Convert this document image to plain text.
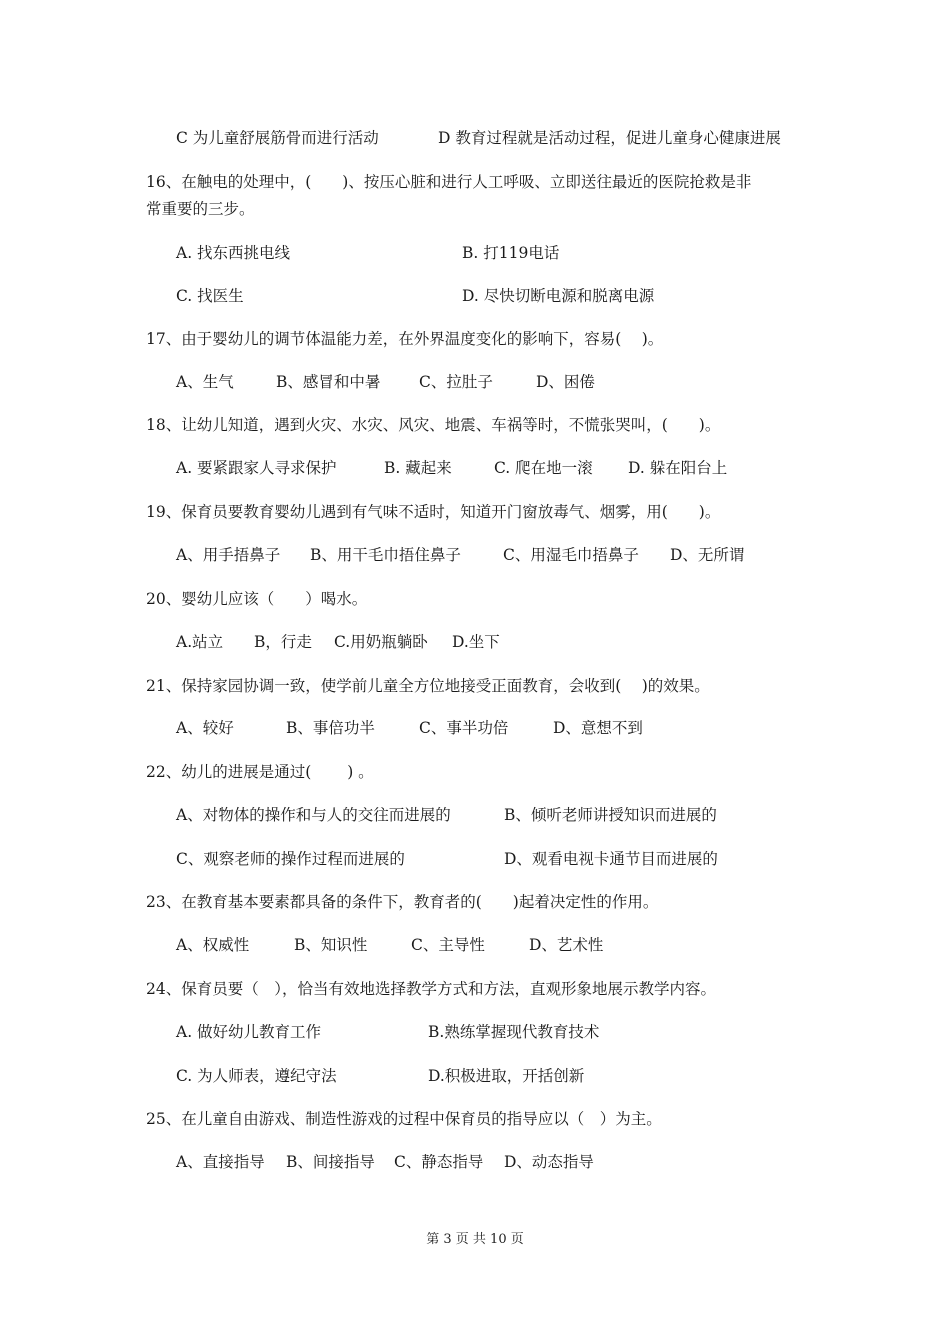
C 为儿童舒展筋骨而进行活动

	D 教育过程就是活动过程，促进儿童身心健康进展

16、在触电的处理中，(　　)、按压心脏和进行人工呼吸、立即送往最近的医院抢救是非
常重要的三步。

A. 找东西挑电线

	B. 打119电话

C. 找医生

	D. 尽快切断电源和脱离电源

17、由于婴幼儿的调节体温能力差，在外界温度变化的影响下，容易(　 )。

A、生气

	B、感冒和中暑

C、拉肚子

	D、困倦

18、让幼儿知道，遇到火灾、水灾、风灾、地震、车祸等时，不慌张哭叫，(　　)。

A. 要紧跟家人寻求保护

	B. 藏起来

	C. 爬在地一滚

D. 躲在阳台上

19、保育员要教育婴幼儿遇到有气味不适时，知道开门窗放毒气、烟雾，用(　　)。

A、用手捂鼻子

B、用干毛巾捂住鼻子

	C、用湿毛巾捂鼻子

D、无所谓

20、婴幼儿应该（　　）喝水。

A.站立

B，行走

C.用奶瓶躺卧

D.坐下

21、保持家园协调一致，使学前儿童全方位地接受正面教育，会收到(　 )的效果。

A、较好

	B、事倍功半

	C、事半功倍

	D、意想不到

22、幼儿的进展是通过(　　 ) 。

A、对物体的操作和与人的交往而进展的

	B、倾听老师讲授知识而进展的

C、观察老师的操作过程而进展的

	D、观看电视卡通节目而进展的

23、在教育基本要素都具备的条件下，教育者的(　　)起着决定性的作用。

A、权威性

	B、知识性

	C、主导性

	D、艺术性

24、保育员要（　），恰当有效地选择教学方式和方法，直观形象地展示教学内容。

A. 做好幼儿教育工作

	B.熟练掌握现代教育技术

C. 为人师表，遵纪守法

	D.积极进取，开括创新

25、在儿童自由游戏、制造性游戏的过程中保育员的指导应以（　）为主。

A、直接指导

B、间接指导

C、静态指导

D、动态指导

第 3 页 共 10 页
